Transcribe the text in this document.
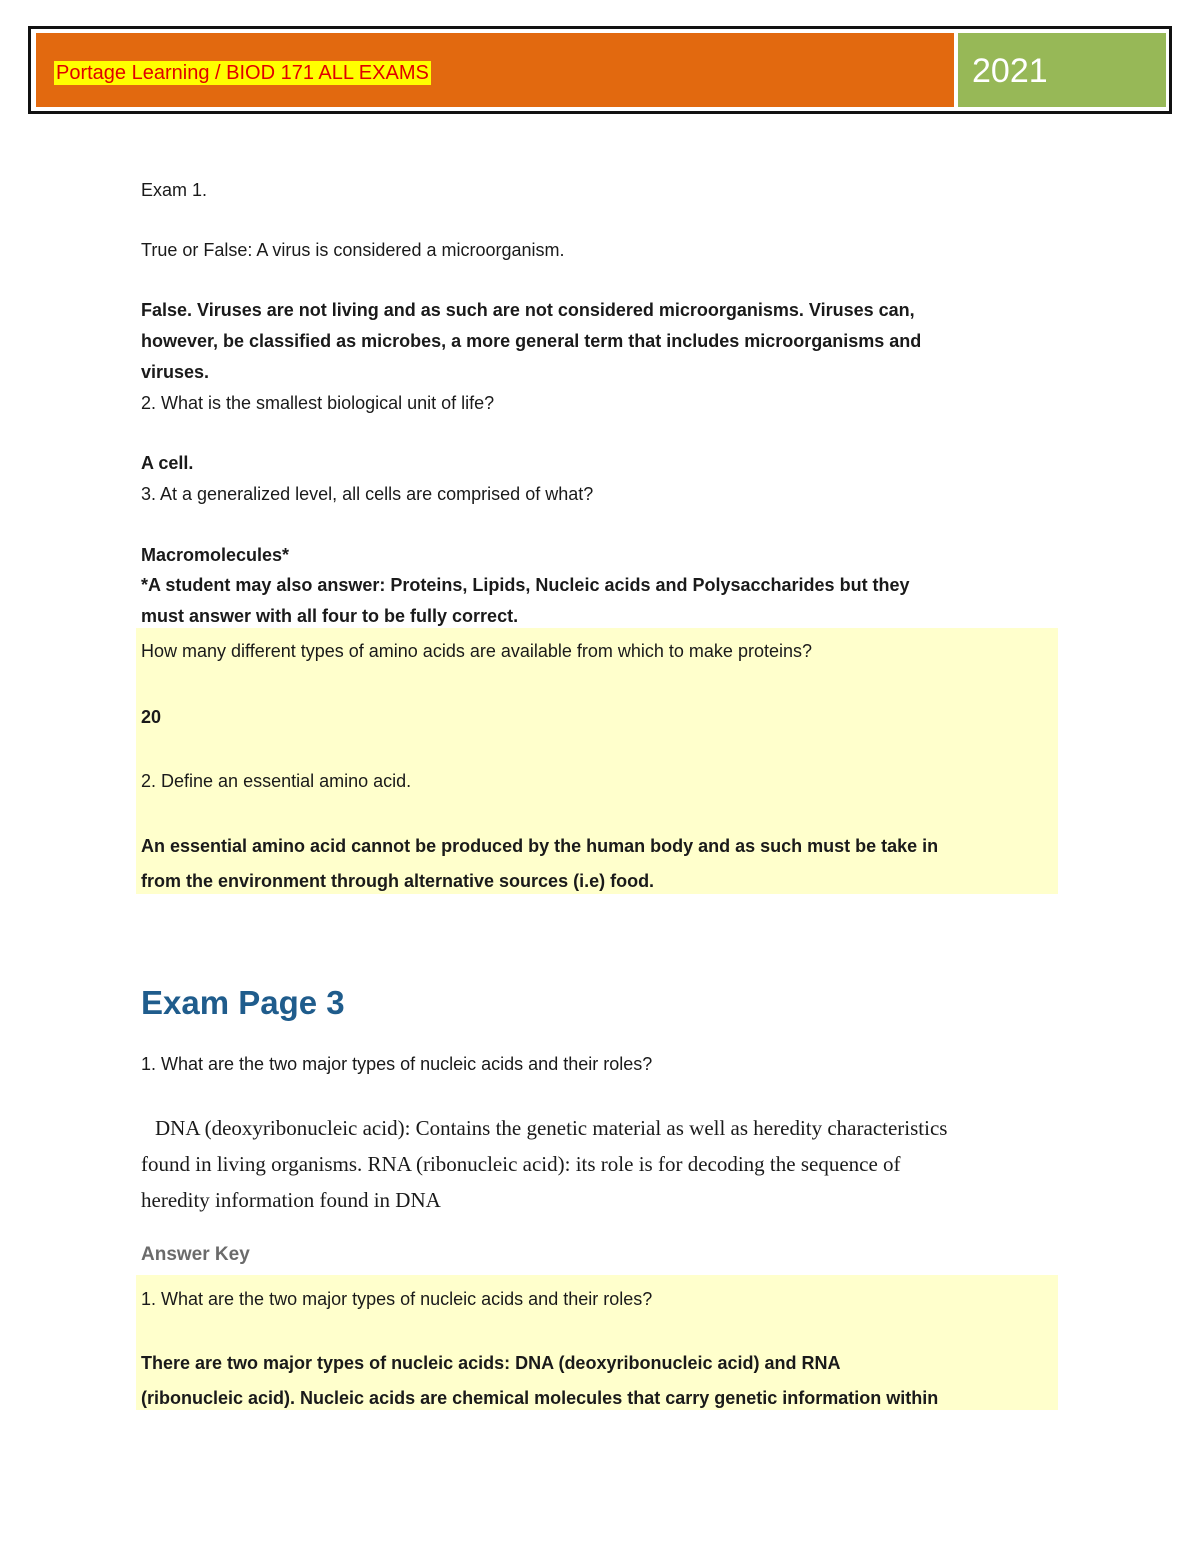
Portage Learning / BIOD 171 ALL EXAMS	2021

Exam 1.

True or False: A virus is considered a microorganism.

False. Viruses are not living and as such are not considered microorganisms. Viruses can,

however, be classified as microbes, a more general term that includes microorganisms and

viruses.

2. What is the smallest biological unit of life?

A cell.

3. At a generalized level, all cells are comprised of what?

Macromolecules*

*A student may also answer: Proteins, Lipids, Nucleic acids and Polysaccharides but they

must answer with all four to be fully correct.

How many different types of amino acids are available from which to make proteins?

20

2. Define an essential amino acid.

An essential amino acid cannot be produced by the human body and as such must be take in

from the environment through alternative sources (i.e) food.

Exam Page 3

1. What are the two major types of nucleic acids and their roles?

DNA (deoxyribonucleic acid): Contains the genetic material as well as heredity characteristics

found in living organisms. RNA (ribonucleic acid): its role is for decoding the sequence of

heredity information found in DNA

Answer Key

1. What are the two major types of nucleic acids and their roles?

There are two major types of nucleic acids: DNA (deoxyribonucleic acid) and RNA

(ribonucleic acid). Nucleic acids are chemical molecules that carry genetic information within
